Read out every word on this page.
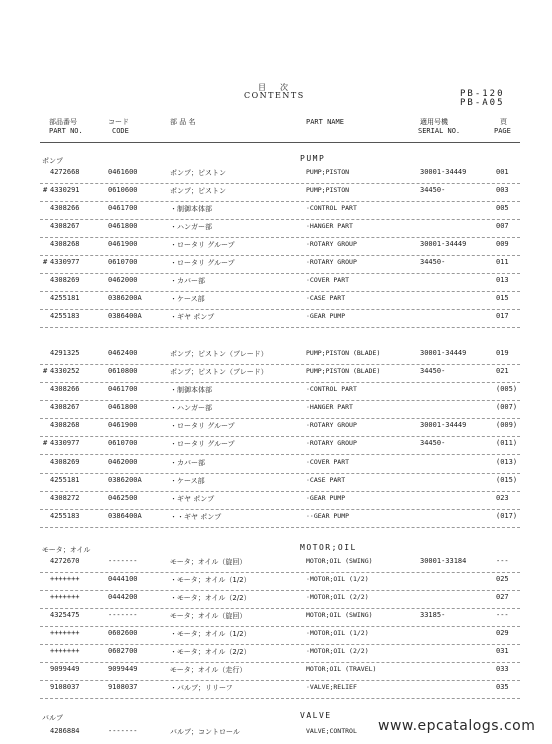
目次
CONTENTS	PB-120
PB-A05
部品番号
PART NO.
コード
CODE
部 品 名	PART NAME	適用号機
SERIAL NO.
頁
PAGE
ポンプ	PUMP
モータ；オイル	MOTOR;OIL
バルブ	VALVE
4272668	0461600	ポンプ；ピストン	PUMP;PISTON	30001-34449	001
# 4330291	0610600	ポンプ；ピストン	PUMP;PISTON	34450-	003
4308266	0461700	・制御本体部	·CONTROL PART	005
4308267	0461800	・ハンガー部	·HANGER PART	007
4308268	0461900	・ロータリ グループ	·ROTARY GROUP	30001-34449	009
# 4330977	0610700	・ロータリ グループ	·ROTARY GROUP	34450-	011
4308269	0462000	・カバー部	·COVER PART	013
4255181	0386200A	・ケース部	·CASE PART	015
4255183	0386400A	・ギヤ ポンプ	·GEAR PUMP	017
4291325	0462400	ポンプ；ピストン（ブレード）	PUMP;PISTON (BLADE)	30001-34449	019
# 4330252	0610800	ポンプ；ピストン（ブレード）	PUMP;PISTON (BLADE)	34450-	021
4308266	0461700	・制御本体部	·CONTROL PART	(005)
4308267	0461800	・ハンガー部	·HANGER PART	(007)
4308268	0461900	・ロータリ グループ	·ROTARY GROUP	30001-34449	(009)
# 4330977	0610700	・ロータリ グループ	·ROTARY GROUP	34450-	(011)
4308269	0462000	・カバー部	·COVER PART	(013)
4255181	0386200A	・ケース部	·CASE PART	(015)
4308272	0462500	・ギヤ ポンプ	·GEAR PUMP	023
4255183	0386400A	・・ギヤ ポンプ	··GEAR PUMP	(017)
4272670	-------	モータ；オイル（旋回）	MOTOR;OIL (SWING)	30001-33184	---
+++++++	0444100	・モータ；オイル（1/2）	·MOTOR;OIL (1/2)	025
+++++++	0444200	・モータ；オイル（2/2）	·MOTOR;OIL (2/2)	027
4325475	-------	モータ；オイル（旋回）	MOTOR;OIL (SWING)	33185-	---
+++++++	0602600	・モータ；オイル（1/2）	·MOTOR;OIL (1/2)	029
+++++++	0602700	・モータ；オイル（2/2）	·MOTOR;OIL (2/2)	031
9099449	9099449	モータ；オイル（走行）	MOTOR;OIL (TRAVEL)	033
9108037	9108037	・バルブ；リリーフ	·VALVE;RELIEF	035
4286884	-------	バルブ；コントロール	VALVE;CONTROL www.epcatalogs.com
